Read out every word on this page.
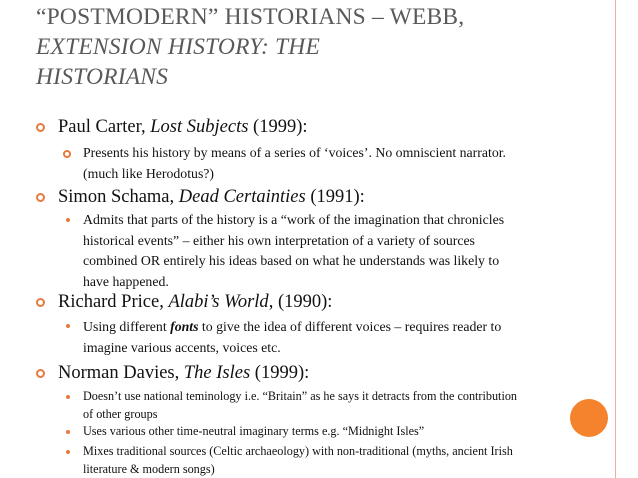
“POSTMODERN” HISTORIANS – WEBB,
EXTENSION HISTORY: THE
HISTORIANS
Paul Carter, Lost Subjects (1999):
Presents his history by means of a series of ‘voices’. No omniscient narrator. (much like Herodotus?)
Simon Schama, Dead Certainties (1991):
Admits that parts of the history is a “work of the imagination that chronicles historical events” – either his own interpretation of a variety of sources combined OR entirely his ideas based on what he understands was likely to have happened.
Richard Price, Alabi’s World, (1990):
Using different fonts to give the idea of different voices – requires reader to imagine various accents, voices etc.
Norman Davies, The Isles (1999):
Doesn’t use national teminology i.e. “Britain” as he says it detracts from the contribution of other groups
Uses various other time-neutral imaginary terms e.g. “Midnight Isles”
Mixes traditional sources (Celtic archaeology) with non-traditional (myths, ancient Irish literature & modern songs)
